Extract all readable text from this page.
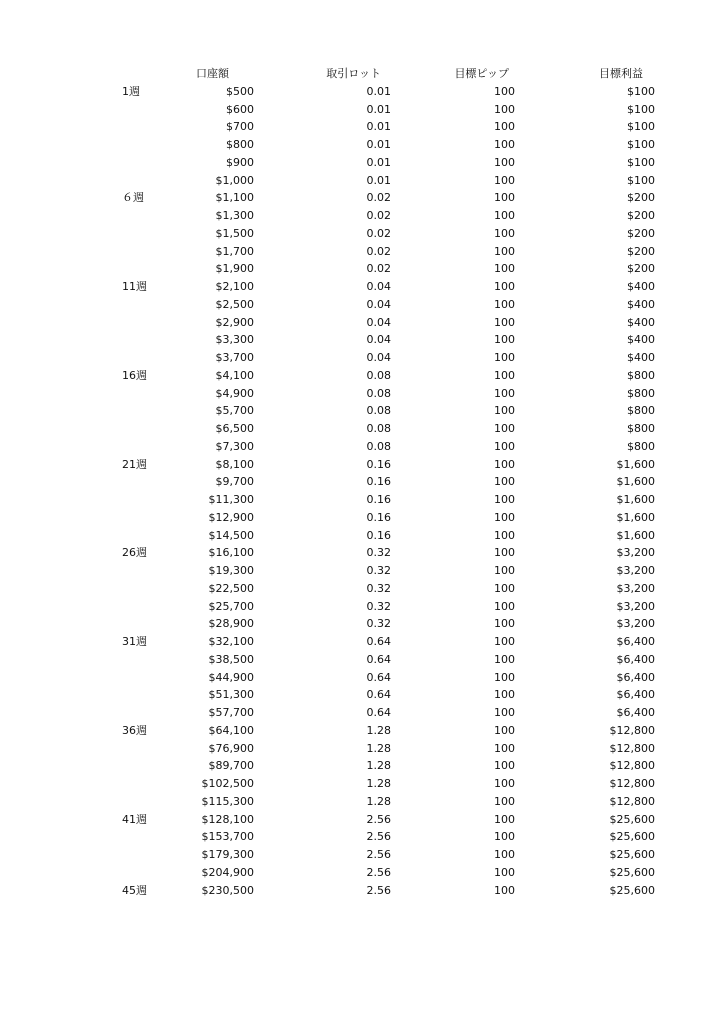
	口座額	取引ロット	目標ピップ	目標利益
1週	$500	0.01	100	$100
	$600	0.01	100	$100
	$700	0.01	100	$100
	$800	0.01	100	$100
	$900	0.01	100	$100
	$1,000	0.01	100	$100
６週	$1,100	0.02	100	$200
	$1,300	0.02	100	$200
	$1,500	0.02	100	$200
	$1,700	0.02	100	$200
	$1,900	0.02	100	$200
11週	$2,100	0.04	100	$400
	$2,500	0.04	100	$400
	$2,900	0.04	100	$400
	$3,300	0.04	100	$400
	$3,700	0.04	100	$400
16週	$4,100	0.08	100	$800
	$4,900	0.08	100	$800
	$5,700	0.08	100	$800
	$6,500	0.08	100	$800
	$7,300	0.08	100	$800
21週	$8,100	0.16	100	$1,600
	$9,700	0.16	100	$1,600
	$11,300	0.16	100	$1,600
	$12,900	0.16	100	$1,600
	$14,500	0.16	100	$1,600
26週	$16,100	0.32	100	$3,200
	$19,300	0.32	100	$3,200
	$22,500	0.32	100	$3,200
	$25,700	0.32	100	$3,200
	$28,900	0.32	100	$3,200
31週	$32,100	0.64	100	$6,400
	$38,500	0.64	100	$6,400
	$44,900	0.64	100	$6,400
	$51,300	0.64	100	$6,400
	$57,700	0.64	100	$6,400
36週	$64,100	1.28	100	$12,800
	$76,900	1.28	100	$12,800
	$89,700	1.28	100	$12,800
	$102,500	1.28	100	$12,800
	$115,300	1.28	100	$12,800
41週	$128,100	2.56	100	$25,600
	$153,700	2.56	100	$25,600
	$179,300	2.56	100	$25,600
	$204,900	2.56	100	$25,600
45週	$230,500	2.56	100	$25,600
